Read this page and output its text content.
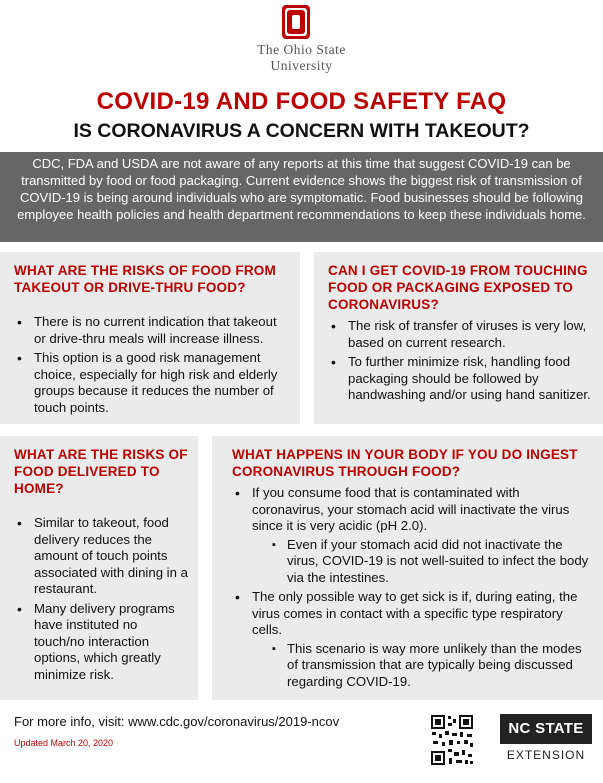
The Ohio State
University
COVID-19 AND FOOD SAFETY FAQ
IS CORONAVIRUS A CONCERN WITH TAKEOUT?
CDC, FDA and USDA are not aware of any reports at this time that suggest COVID-19 can be transmitted by food or food packaging. Current evidence shows the biggest risk of transmission of COVID-19 is being around individuals who are symptomatic. Food businesses should be following employee health policies and health department recommendations to keep these individuals home.
WHAT ARE THE RISKS OF FOOD FROM TAKEOUT OR DRIVE-THRU FOOD?
• There is no current indication that takeout or drive-thru meals will increase illness.
• This option is a good risk management choice, especially for high risk and elderly groups because it reduces the number of touch points.
CAN I GET COVID-19 FROM TOUCHING FOOD OR PACKAGING EXPOSED TO CORONAVIRUS?
• The risk of transfer of viruses is very low, based on current research.
• To further minimize risk, handling food packaging should be followed by handwashing and/or using hand sanitizer.
WHAT ARE THE RISKS OF FOOD DELIVERED TO HOME?
• Similar to takeout, food delivery reduces the amount of touch points associated with dining in a restaurant.
• Many delivery programs have instituted no touch/no interaction options, which greatly minimize risk.
WHAT HAPPENS IN YOUR BODY IF YOU DO INGEST CORONAVIRUS THROUGH FOOD?
• If you consume food that is contaminated with coronavirus, your stomach acid will inactivate the virus since it is very acidic (pH 2.0).
▪ Even if your stomach acid did not inactivate the virus, COVID-19 is not well-suited to infect the body via the intestines.
• The only possible way to get sick is if, during eating, the virus comes in contact with a specific type respiratory cells.
▪ This scenario is way more unlikely than the modes of transmission that are typically being discussed regarding COVID-19.
For more info, visit: www.cdc.gov/coronavirus/2019-ncov
Updated March 20, 2020
NC STATE
EXTENSION
